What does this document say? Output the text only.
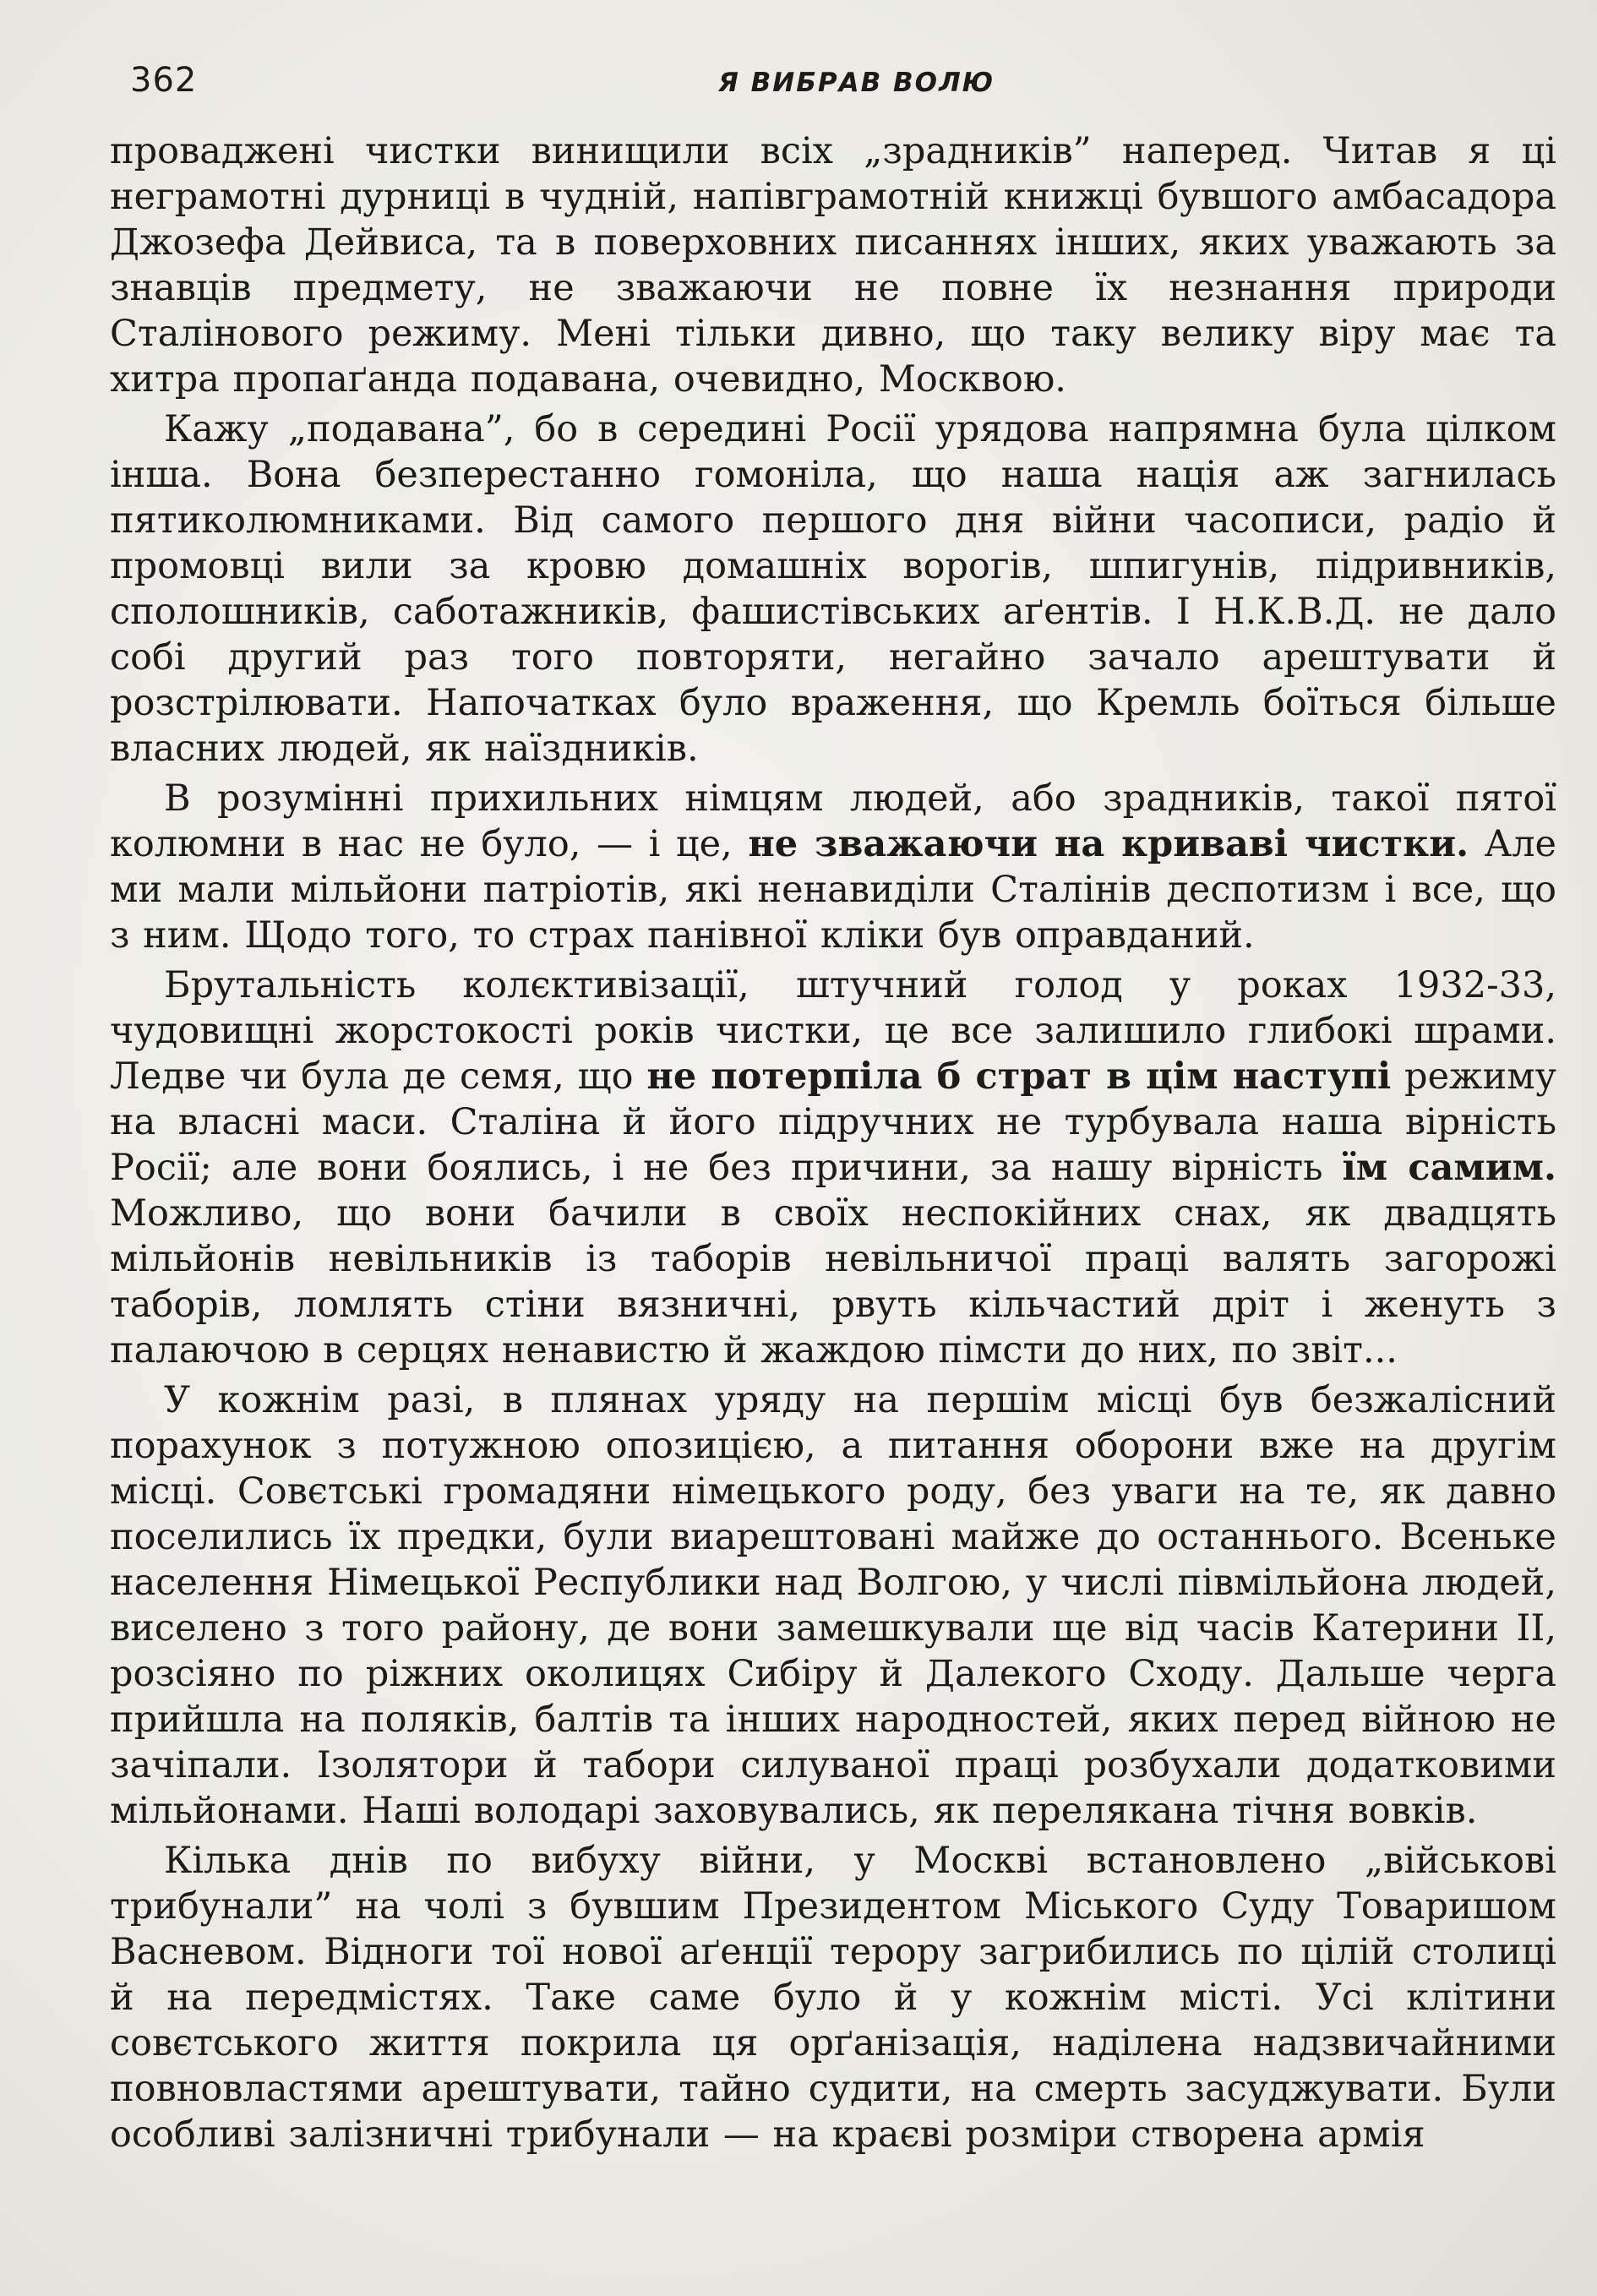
362	Я ВИБРАВ ВОЛЮ

проваджені чистки винищили всіх „зрадників” наперед. Читав я ці неграмотні дурниці в чудній, напівграмотній книжці бувшого амбасадора Джозефа Дейвиса, та в поверховних писаннях інших, яких уважають за знавців предмету, не зважаючи не повне їх незнання природи Сталінового режиму. Мені тільки дивно, що таку велику віру має та хитра пропаґанда подавана, очевидно, Москвою.

Кажу „подавана”, бо в середині Росії урядова напрямна була цілком інша. Вона безперестанно гомоніла, що наша нація аж загнилась пятиколюмниками. Від самого першого дня війни часописи, радіо й промовці вили за кровю домашніх ворогів, шпигунів, підривників, сполошників, саботажників, фашистівських аґентів. І Н.К.В.Д. не дало собі другий раз того повторяти, негайно зачало арештувати й розстрілювати. Напочатках було враження, що Кремль боїться більше власних людей, як наїздників.

В розумінні прихильних німцям людей, або зрадників, такої пятої колюмни в нас не було, — і це, не зважаючи на криваві чистки. Але ми мали мільйони патріотів, які ненавиділи Сталінів деспотизм і все, що з ним. Щодо того, то страх панівної кліки був оправданий.

Брутальність колєктивізації, штучний голод у роках 1932-33, чудовищні жорстокості років чистки, це все залишило глибокі шрами. Ледве чи була де семя, що не потерпіла б страт в цім наступі режиму на власні маси. Сталіна й його підручних не турбувала наша вірність Росії; але вони боялись, і не без причини, за нашу вірність їм самим. Можливо, що вони бачили в своїх неспокійних снах, як двадцять мільйонів невільників із таборів невільничої праці валять загорожі таборів, ломлять стіни вязничні, рвуть кільчастий дріт і женуть з палаючою в серцях ненавистю й жаждою пімсти до них, по звіт...

У кожнім разі, в плянах уряду на першім місці був безжалісний порахунок з потужною опозицією, а питання оборони вже на другім місці. Совєтські громадяни німецького роду, без уваги на те, як давно поселились їх предки, були виарештовані майже до останнього. Всенькe населення Німецької Республики над Волгою, у числі півмільйона людей, виселено з того району, де вони замешкували ще від часів Катерини II, розсіяно по ріжних околицях Сибіру й Далекого Сходу. Дальше черга прийшла на поляків, балтів та інших народностей, яких перед війною не зачіпали. Ізолятори й табори силуваної праці розбухали додатковими мільйонами. Наші володарі заховувались, як перелякана тічня вовків.

Кілька днів по вибуху війни, у Москві встановлено „військові трибунали” на чолі з бувшим Президентом Міського Суду Товаришом Васневом. Відноги тої нової аґенції терору загрибились по цілій столиці й на передмістях. Таке саме було й у кожнім місті. Усі клітини совєтського життя покрила ця орґанізація, наділена надзвичайними повновластями арештувати, тайно судити, на смерть засуджувати. Були особливі залізничні трибунали — на краєві розміри створена армія
